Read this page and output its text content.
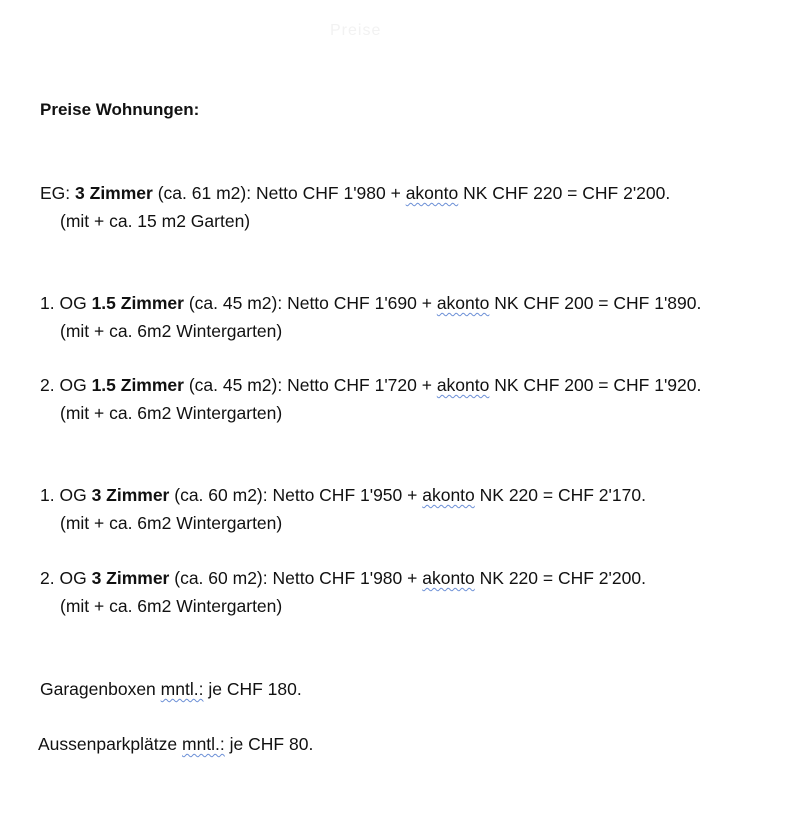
Preise
Preise Wohnungen:
EG: 3 Zimmer (ca. 61 m2): Netto CHF 1'980 + akonto NK CHF 220 = CHF 2'200.
(mit + ca. 15 m2 Garten)
1. OG 1.5 Zimmer (ca. 45 m2): Netto CHF 1'690 + akonto NK CHF 200 = CHF 1'890.
(mit + ca. 6m2 Wintergarten)
2. OG 1.5 Zimmer (ca. 45 m2): Netto CHF 1'720 + akonto NK CHF 200 = CHF 1'920.
(mit + ca. 6m2 Wintergarten)
1. OG 3 Zimmer (ca. 60 m2): Netto CHF 1'950 + akonto NK 220 = CHF 2'170.
(mit + ca. 6m2 Wintergarten)
2. OG 3 Zimmer (ca. 60 m2): Netto CHF 1'980 + akonto NK 220 = CHF 2'200.
(mit + ca. 6m2 Wintergarten)
Garagenboxen mntl.: je CHF 180.
Aussenparkplätze mntl.: je CHF 80.
